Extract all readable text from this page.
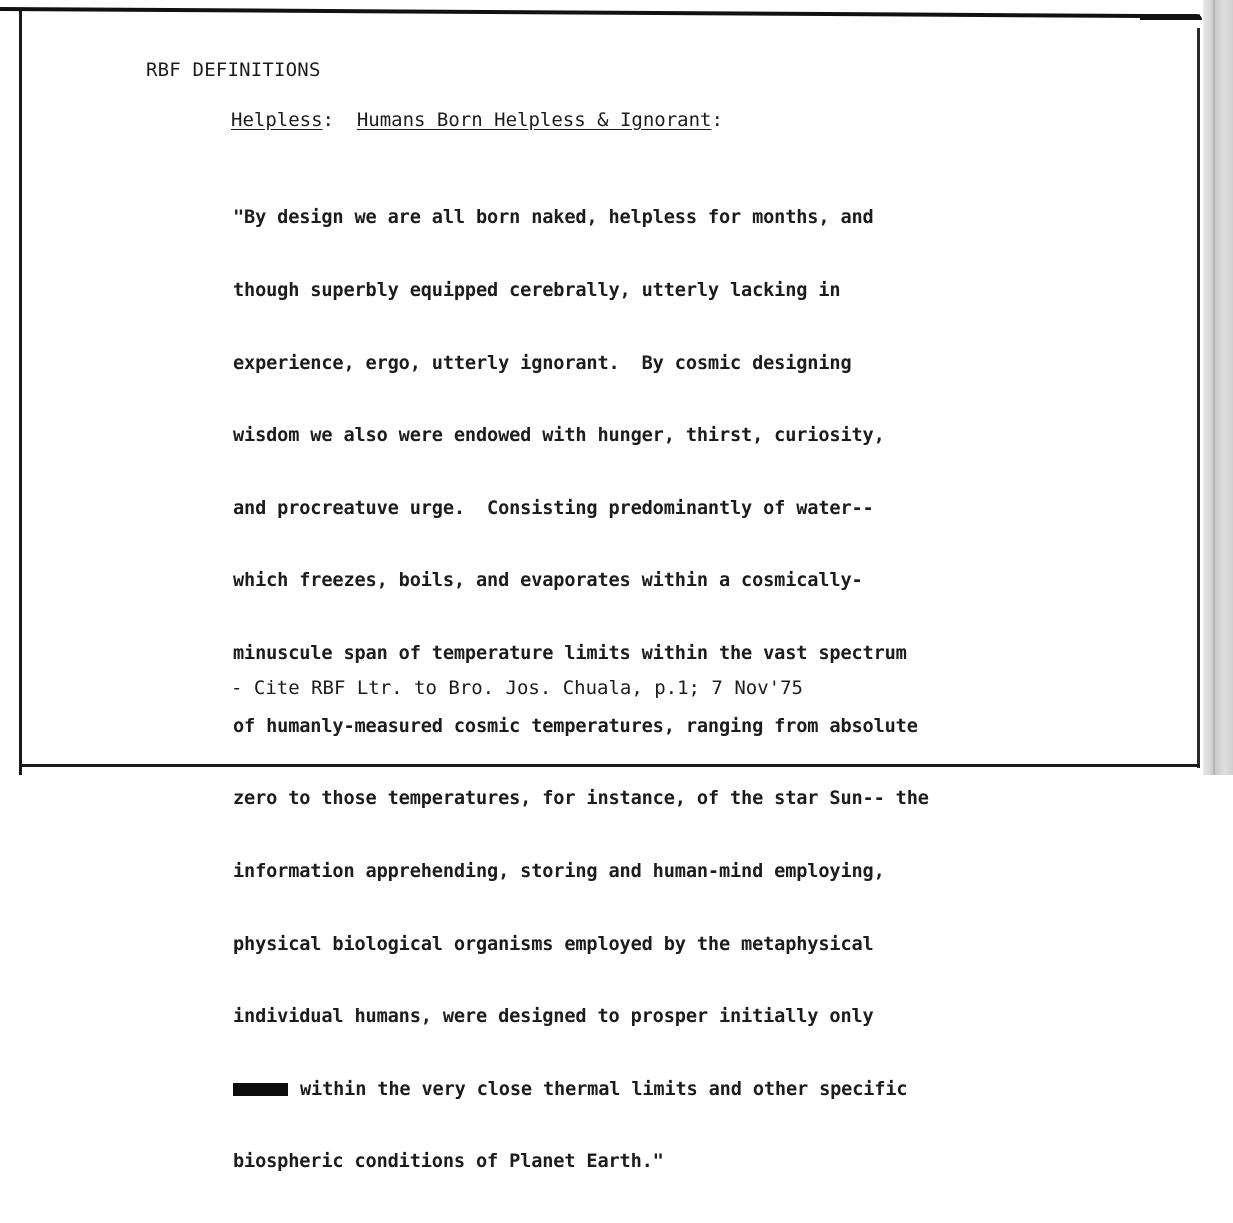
RBF DEFINITIONS
Helpless: Humans Born Helpless & Ignorant:

"By design we are all born naked, helpless for months, and

though superbly equipped cerebrally, utterly lacking in

experience, ergo, utterly ignorant.  By cosmic designing

wisdom we also were endowed with hunger, thirst, curiosity,

and procreatuve urge.  Consisting predominantly of water--

which freezes, boils, and evaporates within a cosmically-

minuscule span of temperature limits within the vast spectrum

of humanly-measured cosmic temperatures, ranging from absolute

zero to those temperatures, for instance, of the star Sun-- the

information apprehending, storing and human-mind employing,

physical biological organisms employed by the metaphysical

individual humans, were designed to prosper initially only

within the very close thermal limits and other specific

biospheric conditions of Planet Earth."

- Cite RBF Ltr. to Bro. Jos. Chuala, p.1; 7 Nov'75
